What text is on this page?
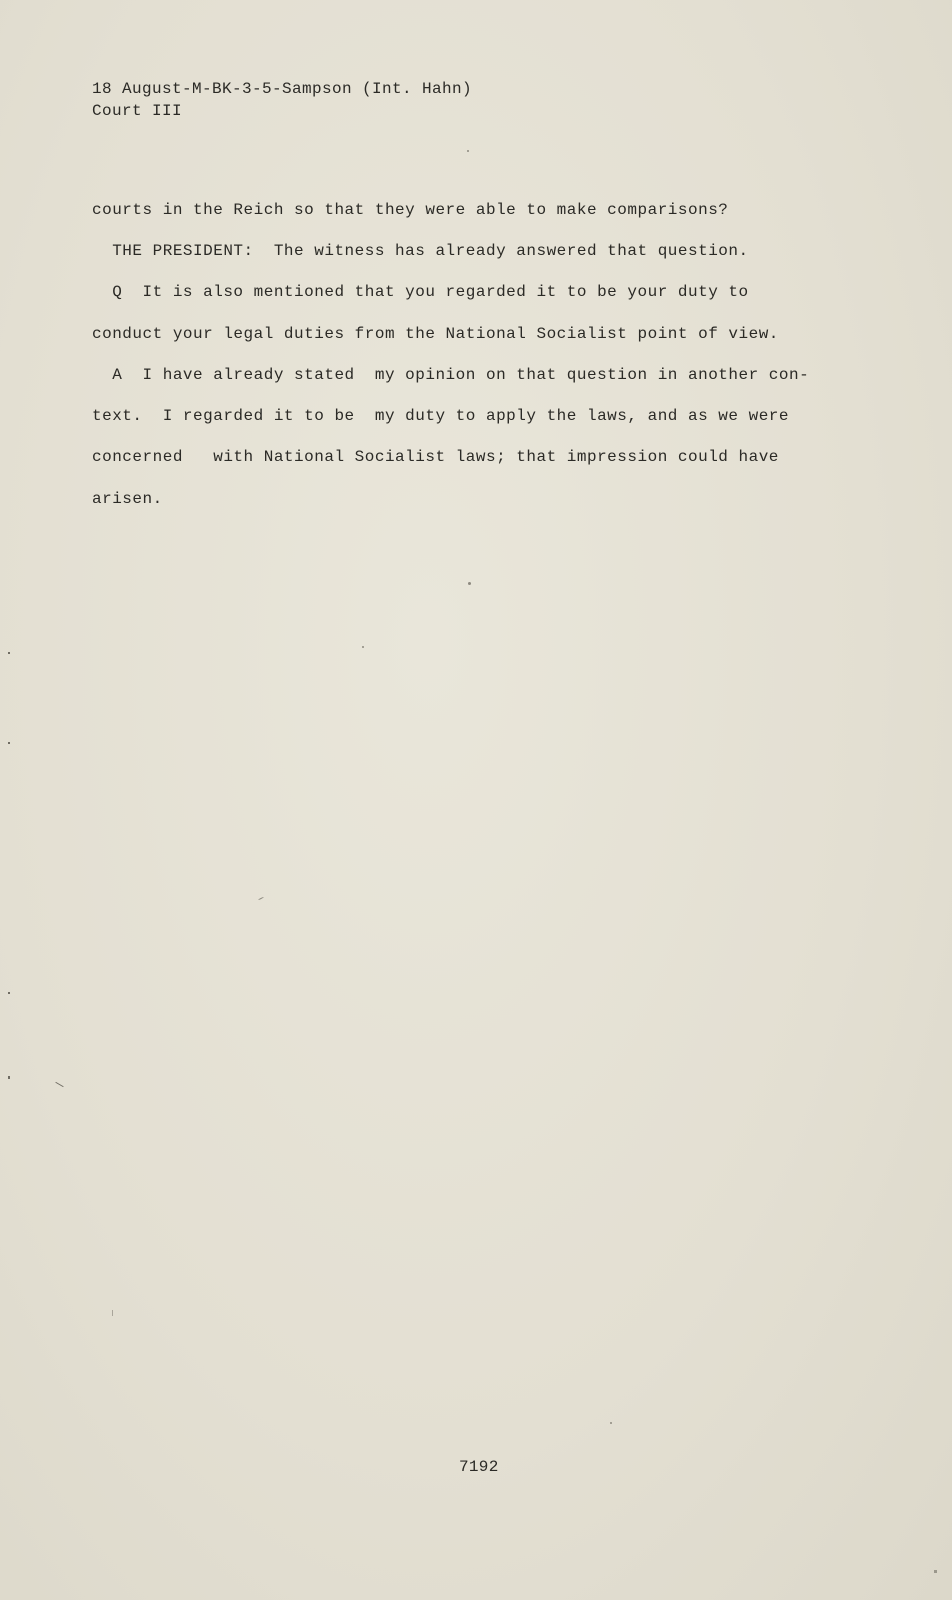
18 August-M-BK-3-5-Sampson (Int. Hahn)
Court III
courts in the Reich so that they were able to make comparisons?
THE PRESIDENT:  The witness has already answered that question.
Q  It is also mentioned that you regarded it to be your duty to
conduct your legal duties from the National Socialist point of view.
A  I have already stated  my opinion on that question in another con-
text.  I regarded it to be  my duty to apply the laws, and as we were
concerned   with National Socialist laws; that impression could have
arisen.
7192
